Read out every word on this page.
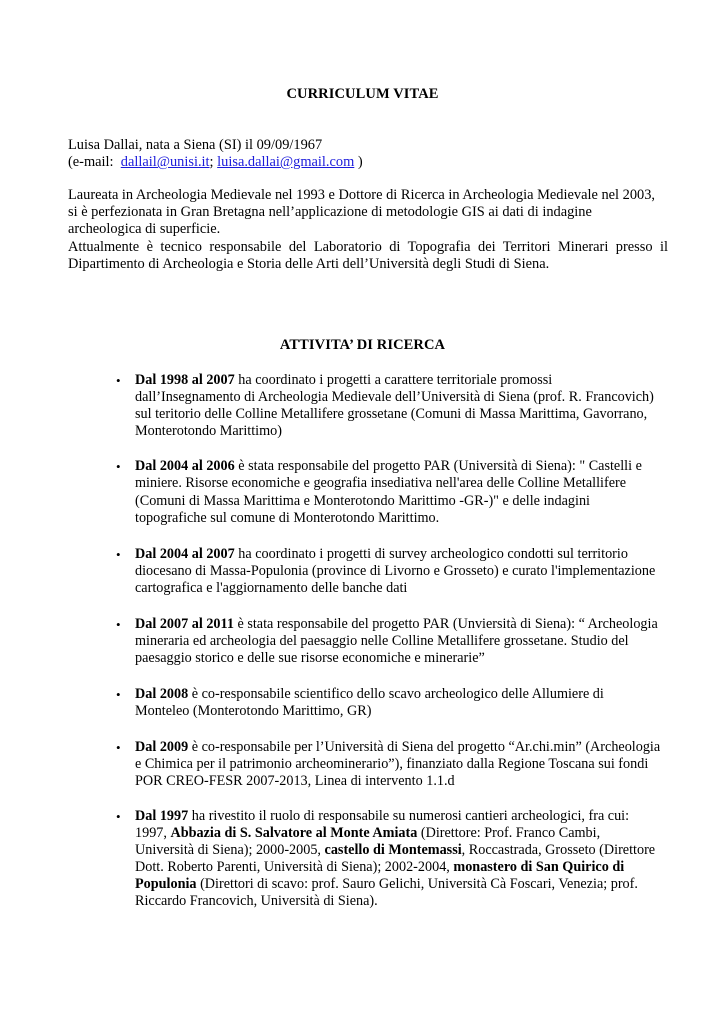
CURRICULUM VITAE
Luisa Dallai, nata a Siena (SI) il 09/09/1967
(e-mail:  dallail@unisi.it; luisa.dallai@gmail.com )

Laureata in Archeologia Medievale nel 1993 e Dottore di Ricerca in Archeologia Medievale nel 2003, si è perfezionata in Gran Bretagna nell’applicazione di metodologie GIS ai dati di indagine archeologica di superficie.

Attualmente è tecnico responsabile del Laboratorio di Topografia dei Territori Minerari presso il Dipartimento di Archeologia e Storia delle Arti dell’Università degli Studi di Siena.

ATTIVITA’ DI RICERCA
• Dal 1998 al 2007 ha coordinato i progetti a carattere territoriale promossi dall’Insegnamento di Archeologia Medievale dell’Università di Siena (prof. R. Francovich) sul teritorio delle Colline Metallifere grossetane (Comuni di Massa Marittima, Gavorrano, Monterotondo Marittimo)
• Dal 2004 al 2006 è stata responsabile del progetto PAR (Università di Siena): " Castelli e miniere. Risorse economiche e geografia insediativa nell'area delle Colline Metallifere (Comuni di Massa Marittima e Monterotondo Marittimo -GR-)" e delle indagini topografiche sul comune di Monterotondo Marittimo.
• Dal 2004 al 2007 ha coordinato i progetti di survey archeologico condotti sul territorio diocesano di Massa-Populonia (province di Livorno e Grosseto) e curato l'implementazione cartografica e l'aggiornamento delle banche dati
• Dal 2007 al 2011 è stata responsabile del progetto PAR (Unviersità di Siena): “ Archeologia mineraria ed archeologia del paesaggio nelle Colline Metallifere grossetane. Studio del paesaggio storico e delle sue risorse economiche e minerarie”
• Dal 2008 è co-responsabile scientifico dello scavo archeologico delle Allumiere di Monteleo (Monterotondo Marittimo, GR)
• Dal 2009 è co-responsabile per l’Università di Siena del progetto “Ar.chi.min” (Archeologia e Chimica per il patrimonio archeominerario”), finanziato dalla Regione Toscana sui fondi POR CREO-FESR 2007-2013, Linea di intervento 1.1.d
• Dal 1997 ha rivestito il ruolo di responsabile su numerosi cantieri archeologici, fra cui: 1997, Abbazia di S. Salvatore al Monte Amiata (Direttore: Prof. Franco Cambi, Università di Siena); 2000-2005, castello di Montemassi, Roccastrada, Grosseto (Direttore Dott. Roberto Parenti, Università di Siena); 2002-2004, monastero di San Quirico di Populonia (Direttori di scavo: prof. Sauro Gelichi, Università Cà Foscari, Venezia; prof. Riccardo Francovich, Università di Siena).
